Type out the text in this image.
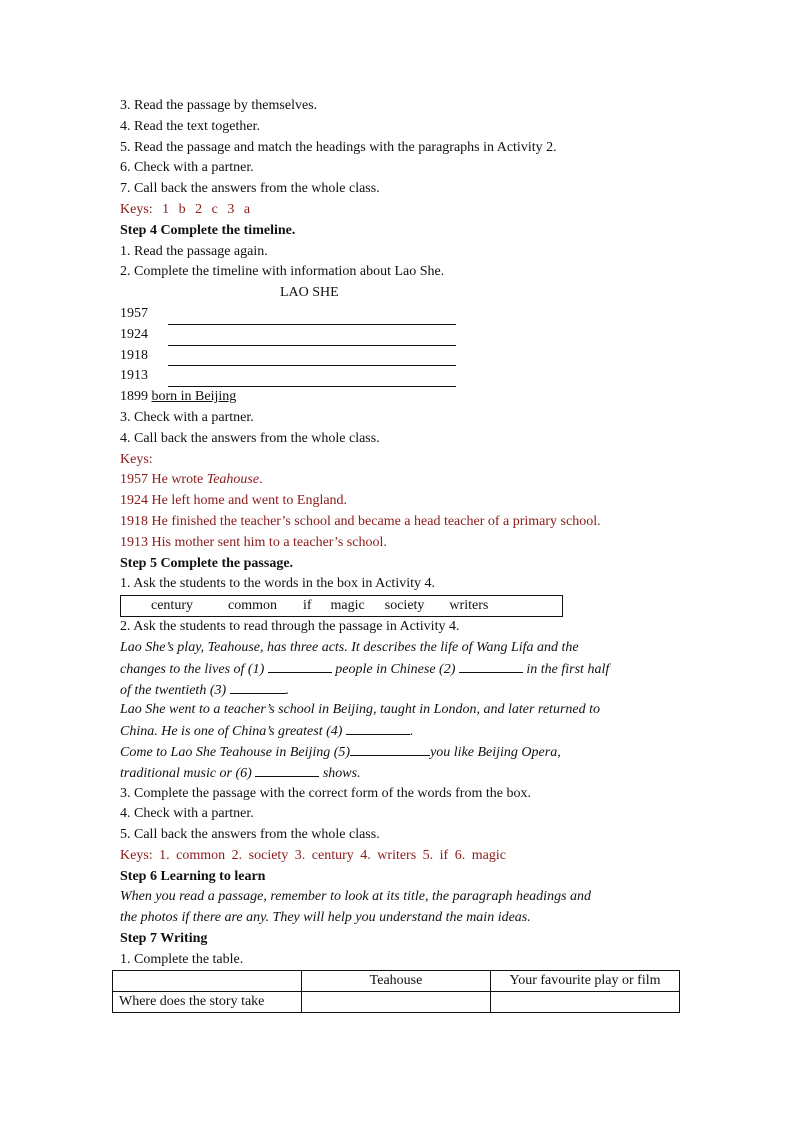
3. Read the passage by themselves.
4. Read the text together.
5. Read the passage and match the headings with the paragraphs in Activity 2.
6. Check with a partner.
7. Call back the answers from the whole class.
Keys: 1 b 2 c 3 a
Step 4 Complete the timeline.
1. Read the passage again.
2. Complete the timeline with information about Lao She.
LAO SHE
1957
1924
1918
1913
1899 born in Beijing
3. Check with a partner.
4. Call back the answers from the whole class.
Keys:
1957 He wrote Teahouse.
1924 He left home and went to England.
1918 He finished the teacher’s school and became a head teacher of a primary school.
1913 His mother sent him to a teacher’s school.
Step 5 Complete the passage.
1. Ask the students to the words in the box in Activity 4.
century	common if magic society writers
2. Ask the students to read through the passage in Activity 4.
Lao She’s play, Teahouse, has three acts. It describes the life of Wang Lifa and the
changes to the lives of (1)	people in Chinese (2)	in the first half
of the twentieth (3)	.
Lao She went to a teacher’s school in Beijing, taught in London, and later returned to
China. He is one of China’s greatest (4)	.
Come to Lao She Teahouse in Beijing (5)	you like Beijing Opera,
traditional music or (6)	shows.
3. Complete the passage with the correct form of the words from the box.
4. Check with a partner.
5. Call back the answers from the whole class.
Keys: 1. common 2. society 3. century 4. writers 5. if 6. magic
Step 6 Learning to learn
When you read a passage, remember to look at its title, the paragraph headings and
the photos if there are any. They will help you understand the main ideas.
Step 7 Writing
1. Complete the table.
	Teahouse	Your favourite play or film
Where does the story take		
